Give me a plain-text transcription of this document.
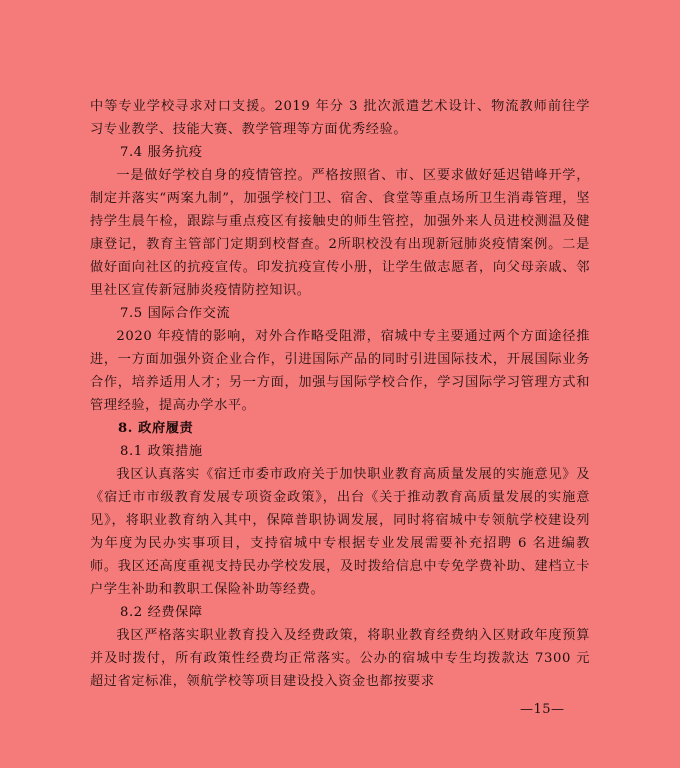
中等专业学校寻求对口支援。2019 年分 3 批次派遣艺术设计、物流教师前往学习专业教学、技能大赛、教学管理等方面优秀经验。

7.4 服务抗疫

一是做好学校自身的疫情管控。严格按照省、市、区要求做好延迟错峰开学，制定并落实“两案九制”，加强学校门卫、宿舍、食堂等重点场所卫生消毒管理，坚持学生晨午检，跟踪与重点疫区有接触史的师生管控，加强外来人员进校测温及健康登记，教育主管部门定期到校督查。2所职校没有出现新冠肺炎疫情案例。二是做好面向社区的抗疫宣传。印发抗疫宣传小册，让学生做志愿者，向父母亲戚、邻里社区宣传新冠肺炎疫情防控知识。

7.5 国际合作交流

2020 年疫情的影响，对外合作略受阻滞，宿城中专主要通过两个方面途径推进，一方面加强外资企业合作，引进国际产品的同时引进国际技术，开展国际业务合作，培养适用人才；另一方面，加强与国际学校合作，学习国际学习管理方式和管理经验，提高办学水平。

8. 政府履责

8.1 政策措施

我区认真落实《宿迁市委市政府关于加快职业教育高质量发展的实施意见》及《宿迁市市级教育发展专项资金政策》，出台《关于推动教育高质量发展的实施意见》，将职业教育纳入其中，保障普职协调发展，同时将宿城中专领航学校建设列为年度为民办实事项目，支持宿城中专根据专业发展需要补充招聘 6 名进编教师。我区还高度重视支持民办学校发展，及时拨给信息中专免学费补助、建档立卡户学生补助和教职工保险补助等经费。

8.2 经费保障

我区严格落实职业教育投入及经费政策，将职业教育经费纳入区财政年度预算并及时拨付，所有政策性经费均正常落实。公办的宿城中专生均拨款达 7300 元超过省定标准，领航学校等项目建设投入资金也都按要求

—15—
